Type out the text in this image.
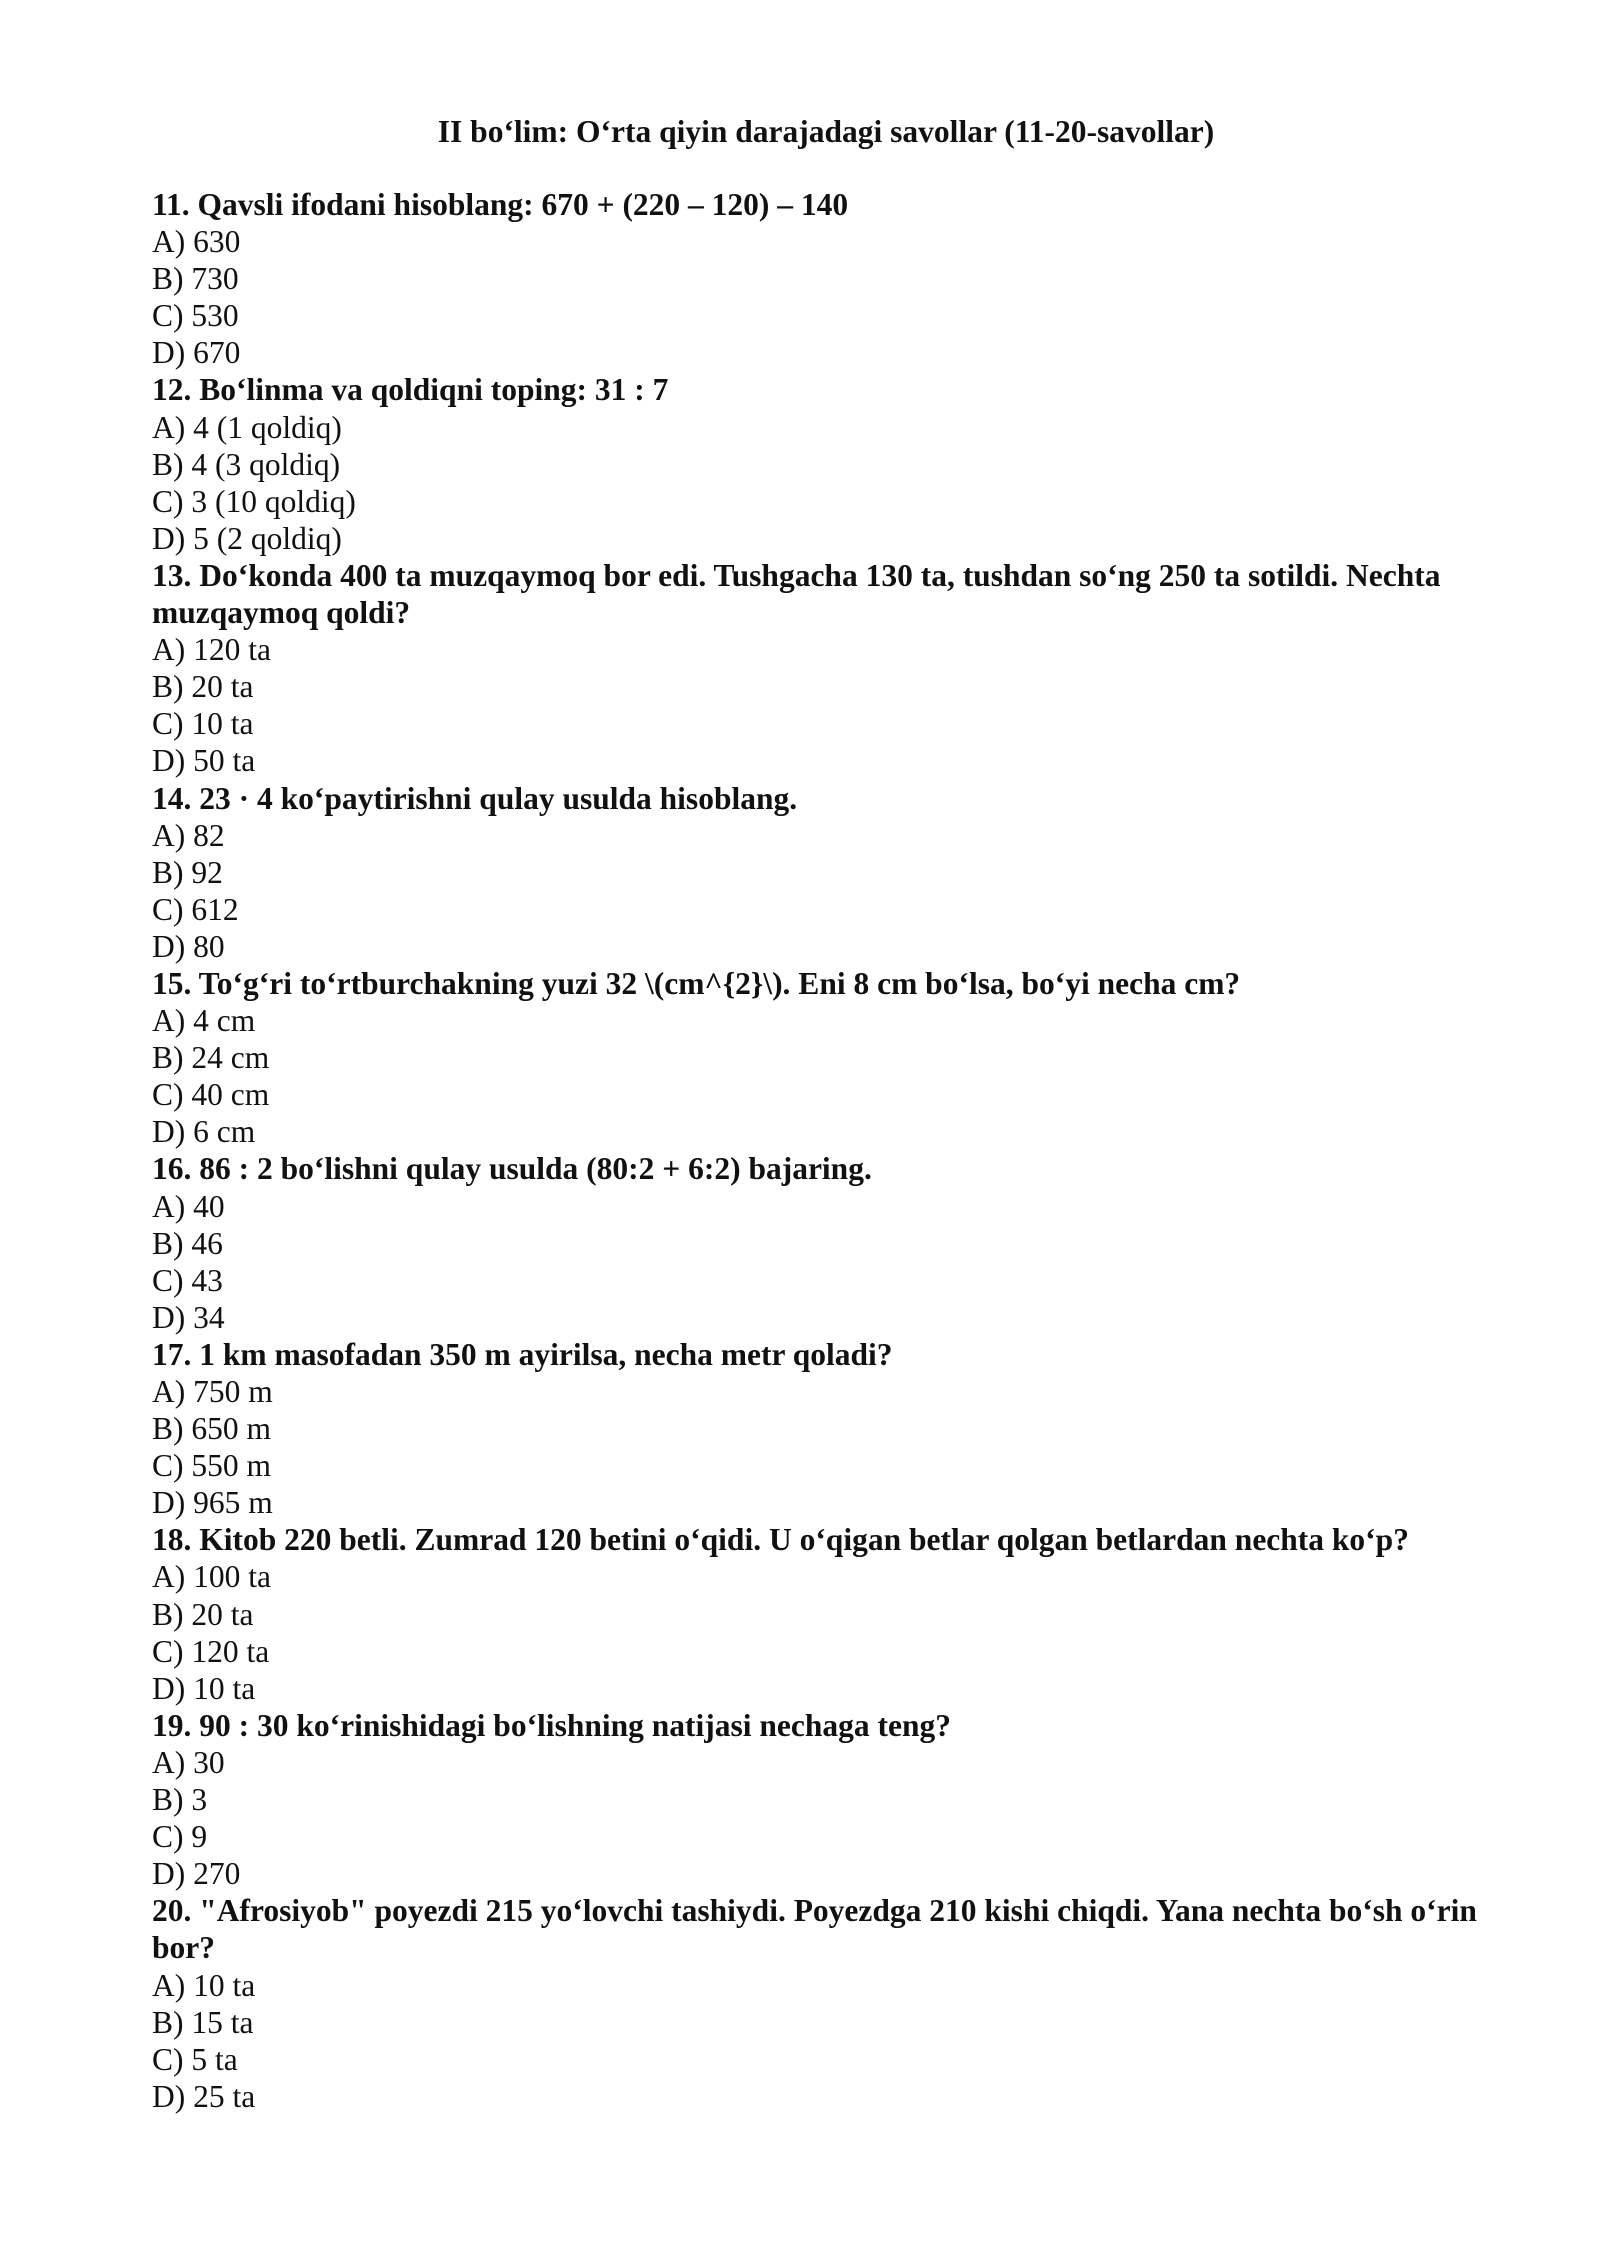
II bo‘lim: O‘rta qiyin darajadagi savollar (11-20-savollar)
11. Qavsli ifodani hisoblang: 670 + (220 – 120) – 140
A) 630
B) 730
C) 530
D) 670
12. Bo‘linma va qoldiqni toping: 31 : 7
A) 4 (1 qoldiq)
B) 4 (3 qoldiq)
C) 3 (10 qoldiq)
D) 5 (2 qoldiq)
13. Do‘konda 400 ta muzqaymoq bor edi. Tushgacha 130 ta, tushdan so‘ng 250 ta sotildi. Nechta muzqaymoq qoldi?
A) 120 ta
B) 20 ta
C) 10 ta
D) 50 ta
14. 23 · 4 ko‘paytirishni qulay usulda hisoblang.
A) 82
B) 92
C) 612
D) 80
15. To‘g‘ri to‘rtburchakning yuzi 32 \(cm^{2}\). Eni 8 cm bo‘lsa, bo‘yi necha cm?
A) 4 cm
B) 24 cm
C) 40 cm
D) 6 cm
16. 86 : 2 bo‘lishni qulay usulda (80:2 + 6:2) bajaring.
A) 40
B) 46
C) 43
D) 34
17. 1 km masofadan 350 m ayirilsa, necha metr qoladi?
A) 750 m
B) 650 m
C) 550 m
D) 965 m
18. Kitob 220 betli. Zumrad 120 betini o‘qidi. U o‘qigan betlar qolgan betlardan nechta ko‘p?
A) 100 ta
B) 20 ta
C) 120 ta
D) 10 ta
19. 90 : 30 ko‘rinishidagi bo‘lishning natijasi nechaga teng?
A) 30
B) 3
C) 9
D) 270
20. "Afrosiyob" poyezdi 215 yo‘lovchi tashiydi. Poyezdga 210 kishi chiqdi. Yana nechta bo‘sh o‘rin bor?
A) 10 ta
B) 15 ta
C) 5 ta
D) 25 ta
